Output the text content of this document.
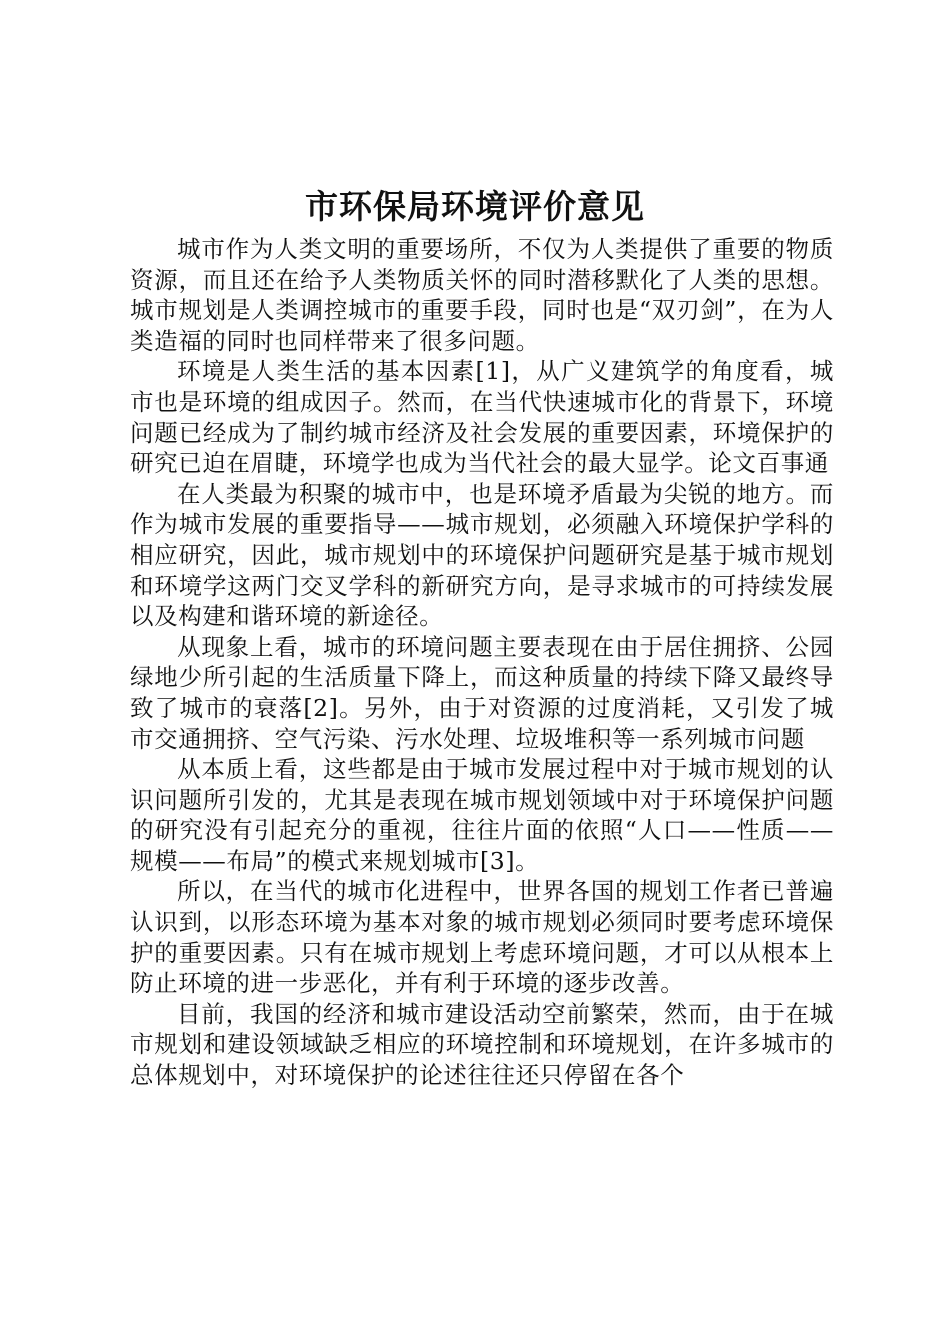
市环保局环境评价意见

城市作为人类文明的重要场所，不仅为人类提供了重要的物质资源，而且还在给予人类物质关怀的同时潜移默化了人类的思想。城市规划是人类调控城市的重要手段，同时也是“双刃剑”，在为人类造福的同时也同样带来了很多问题。

环境是人类生活的基本因素[1]，从广义建筑学的角度看，城市也是环境的组成因子。然而，在当代快速城市化的背景下，环境问题已经成为了制约城市经济及社会发展的重要因素，环境保护的研究已迫在眉睫，环境学也成为当代社会的最大显学。论文百事通

在人类最为积聚的城市中，也是环境矛盾最为尖锐的地方。而作为城市发展的重要指导——城市规划，必须融入环境保护学科的相应研究，因此，城市规划中的环境保护问题研究是基于城市规划和环境学这两门交叉学科的新研究方向，是寻求城市的可持续发展以及构建和谐环境的新途径。

从现象上看，城市的环境问题主要表现在由于居住拥挤、公园绿地少所引起的生活质量下降上，而这种质量的持续下降又最终导致了城市的衰落[2]。另外，由于对资源的过度消耗，又引发了城市交通拥挤、空气污染、污水处理、垃圾堆积等一系列城市问题

从本质上看，这些都是由于城市发展过程中对于城市规划的认识问题所引发的，尤其是表现在城市规划领域中对于环境保护问题的研究没有引起充分的重视，往往片面的依照“人口——性质——规模——布局”的模式来规划城市[3]。

所以，在当代的城市化进程中，世界各国的规划工作者已普遍认识到，以形态环境为基本对象的城市规划必须同时要考虑环境保护的重要因素。只有在城市规划上考虑环境问题，才可以从根本上防止环境的进一步恶化，并有利于环境的逐步改善。

目前，我国的经济和城市建设活动空前繁荣，然而，由于在城市规划和建设领域缺乏相应的环境控制和环境规划，在许多城市的总体规划中，对环境保护的论述往往还只停留在各个
